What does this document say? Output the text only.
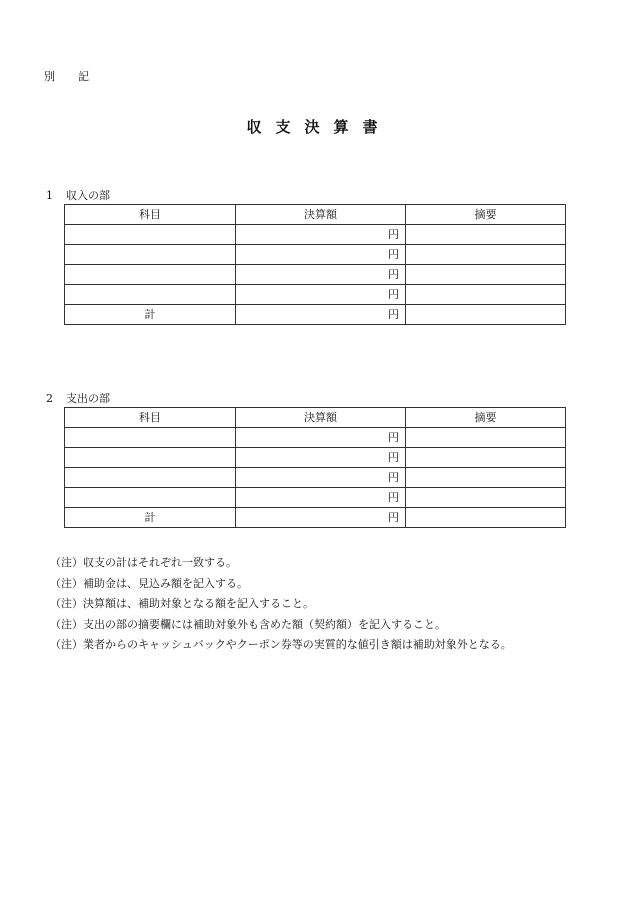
別　記
収支決算書
1 収入の部
科目	決算額	摘要
	円	
	円	
	円	
	円	
計	円	
2 支出の部
科目	決算額	摘要
	円	
	円	
	円	
	円	
計	円	
（注）収支の計はそれぞれ一致する。
（注）補助金は、見込み額を記入する。
（注）決算額は、補助対象となる額を記入すること。
（注）支出の部の摘要欄には補助対象外も含めた額（契約額）を記入すること。
（注）業者からのキャッシュバックやクーポン券等の実質的な値引き額は補助対象外となる。
